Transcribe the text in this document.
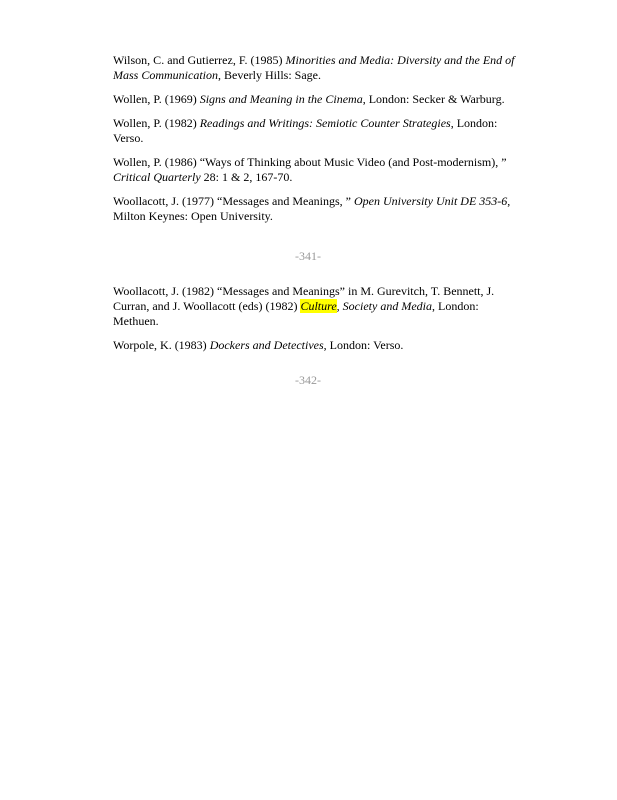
Wilson, C. and Gutierrez, F. (1985) Minorities and Media: Diversity and the End of Mass Communication, Beverly Hills: Sage.

Wollen, P. (1969) Signs and Meaning in the Cinema, London: Secker & Warburg.

Wollen, P. (1982) Readings and Writings: Semiotic Counter Strategies, London: Verso.

Wollen, P. (1986) “Ways of Thinking about Music Video (and Post-modernism), ” Critical Quarterly 28: 1 & 2, 167-70.

Woollacott, J. (1977) “Messages and Meanings, ” Open University Unit DE 353-6, Milton Keynes: Open University.

-341-

Woollacott, J. (1982) “Messages and Meanings” in M. Gurevitch, T. Bennett, J. Curran, and J. Woollacott (eds) (1982) Culture, Society and Media, London: Methuen.

Worpole, K. (1983) Dockers and Detectives, London: Verso.

-342-
